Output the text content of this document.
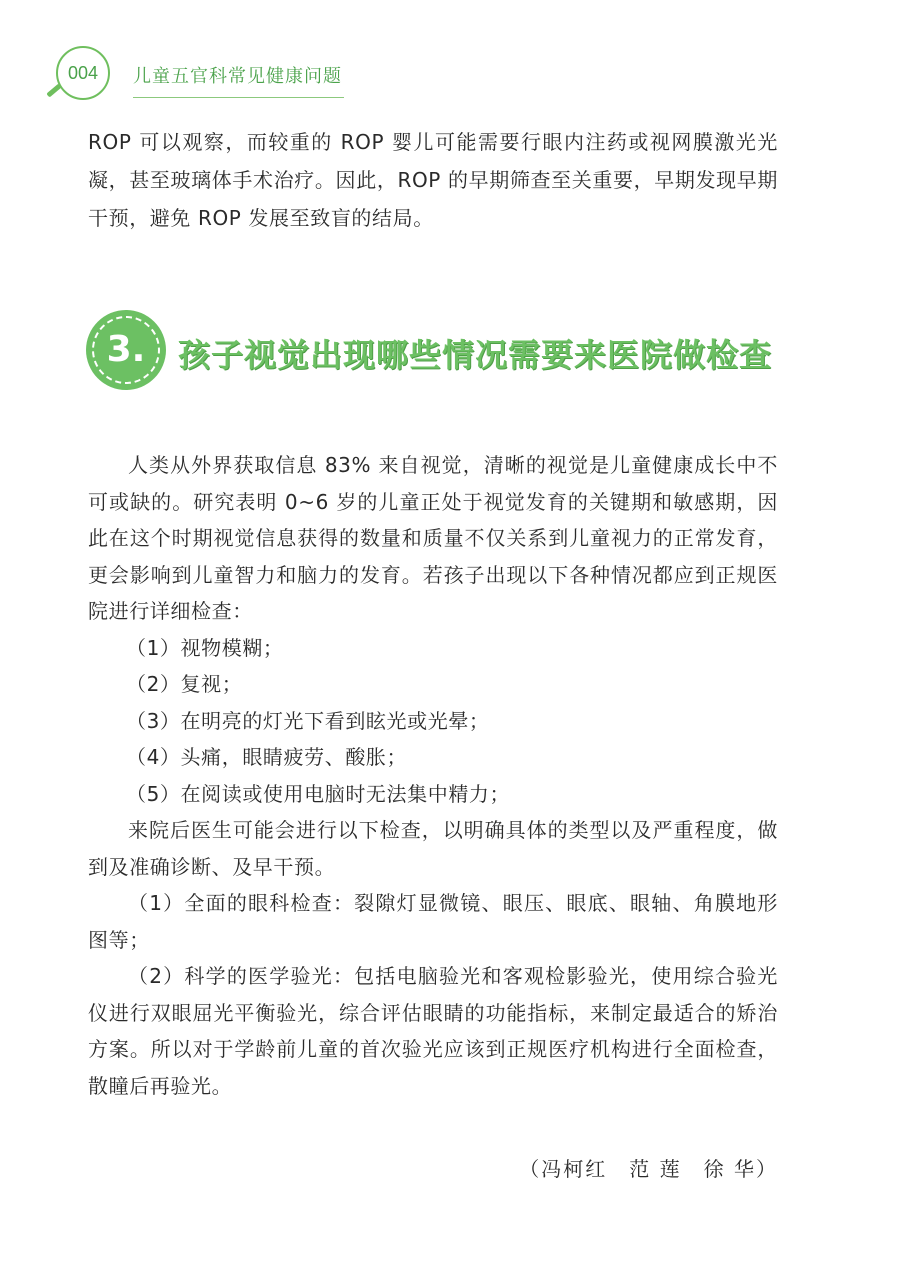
004	儿童五官科常见健康问题

ROP 可以观察，而较重的 ROP 婴儿可能需要行眼内注药或视网膜激光光凝，甚至玻璃体手术治疗。因此，ROP 的早期筛查至关重要，早期发现早期干预，避免 ROP 发展至致盲的结局。

3.	孩子视觉出现哪些情况需要来医院做检查

人类从外界获取信息 83% 来自视觉，清晰的视觉是儿童健康成长中不可或缺的。研究表明 0~6 岁的儿童正处于视觉发育的关键期和敏感期，因此在这个时期视觉信息获得的数量和质量不仅关系到儿童视力的正常发育，更会影响到儿童智力和脑力的发育。若孩子出现以下各种情况都应到正规医院进行详细检查：

（1）视物模糊；

（2）复视；

（3）在明亮的灯光下看到眩光或光晕；

（4）头痛，眼睛疲劳、酸胀；

（5）在阅读或使用电脑时无法集中精力；

来院后医生可能会进行以下检查，以明确具体的类型以及严重程度，做到及准确诊断、及早干预。

（1）全面的眼科检查：裂隙灯显微镜、眼压、眼底、眼轴、角膜地形图等；

（2）科学的医学验光：包括电脑验光和客观检影验光，使用综合验光仪进行双眼屈光平衡验光，综合评估眼睛的功能指标，来制定最适合的矫治方案。所以对于学龄前儿童的首次验光应该到正规医疗机构进行全面检查，散瞳后再验光。

（冯柯红　范 莲　徐 华）
